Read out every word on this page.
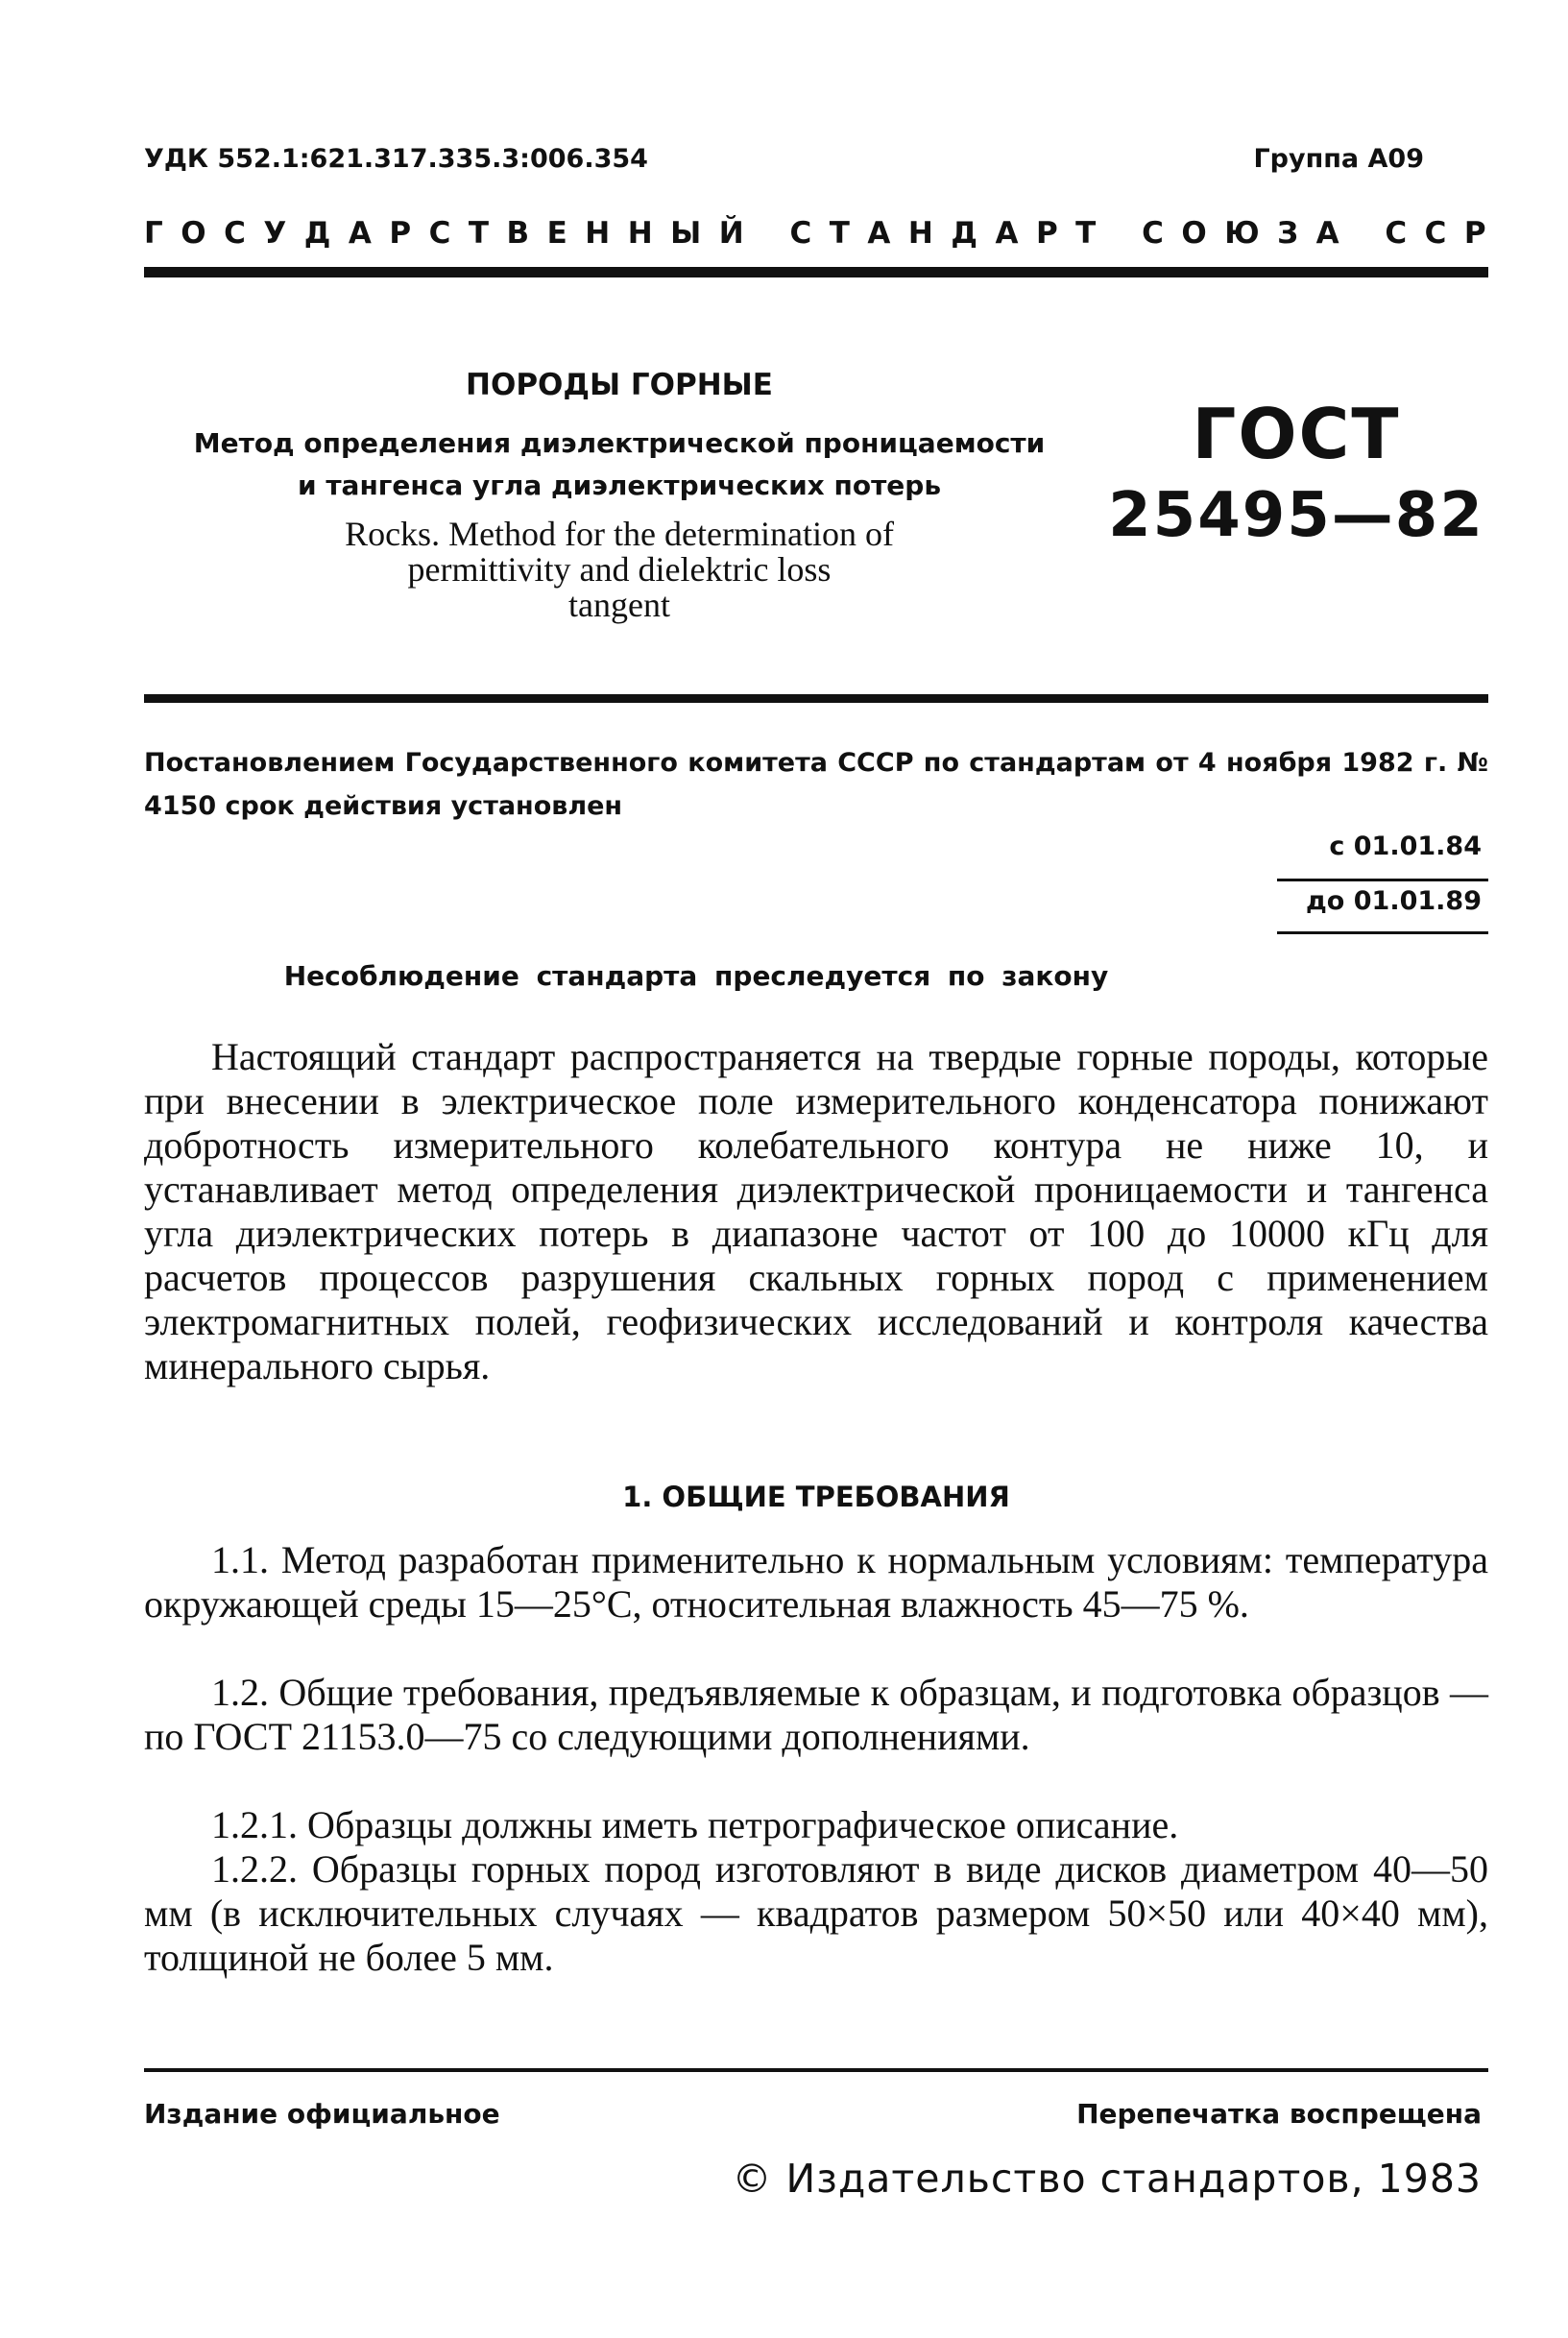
УДК 552.1:621.317.335.3:006.354	Группа А09
ГОСУДАРСТВЕННЫЙ СТАНДАРТ СОЮЗА ССР
ПОРОДЫ ГОРНЫЕ
Метод определения диэлектрической проницаемости
и тангенса угла диэлектрических потерь
Rocks. Method for the determination of
permittivity and dielektric loss
tangent
ГОСТ
25495—82
Постановлением Государственного комитета СССР по стандартам от 4 ноября 1982 г. № 4150 срок действия установлен
с 01.01.84
до 01.01.89
Несоблюдение стандарта преследуется по закону
Настоящий стандарт распространяется на твердые горные породы, которые при внесении в электрическое поле измерительного конденсатора понижают добротность измерительного колебательного контура не ниже 10, и устанавливает метод определения диэлектрической проницаемости и тангенса угла диэлектрических потерь в диапазоне частот от 100 до 10000 кГц для расчетов процессов разрушения скальных горных пород с применением электромагнитных полей, геофизических исследований и контроля качества минерального сырья.
1. ОБЩИЕ ТРЕБОВАНИЯ
1.1. Метод разработан применительно к нормальным условиям: температура окружающей среды 15—25°С, относительная влажность 45—75 %.
1.2. Общие требования, предъявляемые к образцам, и подготовка образцов — по ГОСТ 21153.0—75 со следующими дополнениями.
1.2.1. Образцы должны иметь петрографическое описание.
1.2.2. Образцы горных пород изготовляют в виде дисков диаметром 40—50 мм (в исключительных случаях — квадратов размером 50×50 или 40×40 мм), толщиной не более 5 мм.
Издание официальное	Перепечатка воспрещена
© Издательство стандартов, 1983
